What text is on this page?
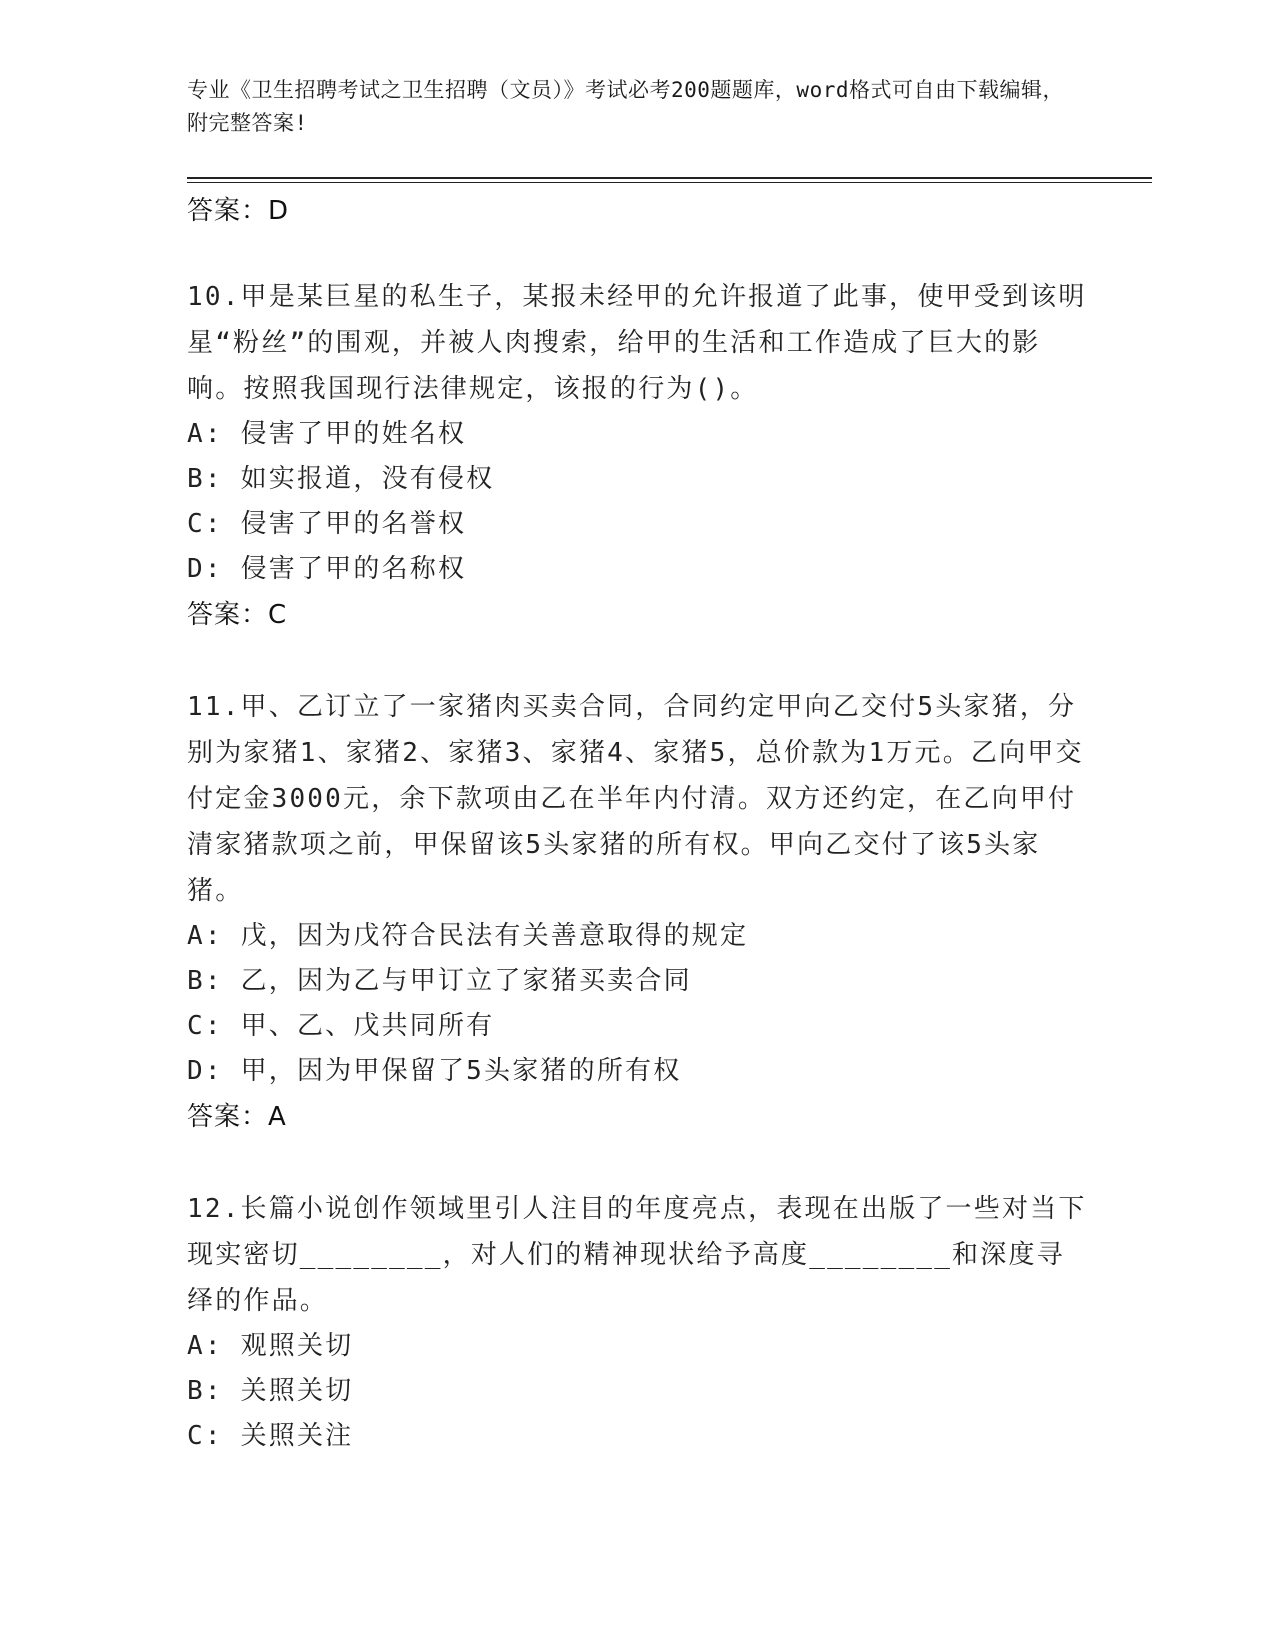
专业《卫生招聘考试之卫生招聘（文员）》考试必考200题题库，word格式可自由下载编辑，附完整答案!
答案：D

10.甲是某巨星的私生子，某报未经甲的允许报道了此事，使甲受到该明星“粉丝”的围观，并被人肉搜索，给甲的生活和工作造成了巨大的影响。按照我国现行法律规定，该报的行为()。

A: 侵害了甲的姓名权
B: 如实报道，没有侵权
C: 侵害了甲的名誉权
D: 侵害了甲的名称权
答案：C

11.甲、乙订立了一家猪肉买卖合同，合同约定甲向乙交付5头家猪，分别为家猪1、家猪2、家猪3、家猪4、家猪5，总价款为1万元。乙向甲交付定金3000元，余下款项由乙在半年内付清。双方还约定，在乙向甲付清家猪款项之前，甲保留该5头家猪的所有权。甲向乙交付了该5头家猪。

A: 戊，因为戊符合民法有关善意取得的规定
B: 乙，因为乙与甲订立了家猪买卖合同
C: 甲、乙、戊共同所有
D: 甲，因为甲保留了5头家猪的所有权
答案：A

12.长篇小说创作领域里引人注目的年度亮点，表现在出版了一些对当下现实密切________，对人们的精神现状给予高度________和深度寻绎的作品。

A: 观照关切
B: 关照关切
C: 关照关注
